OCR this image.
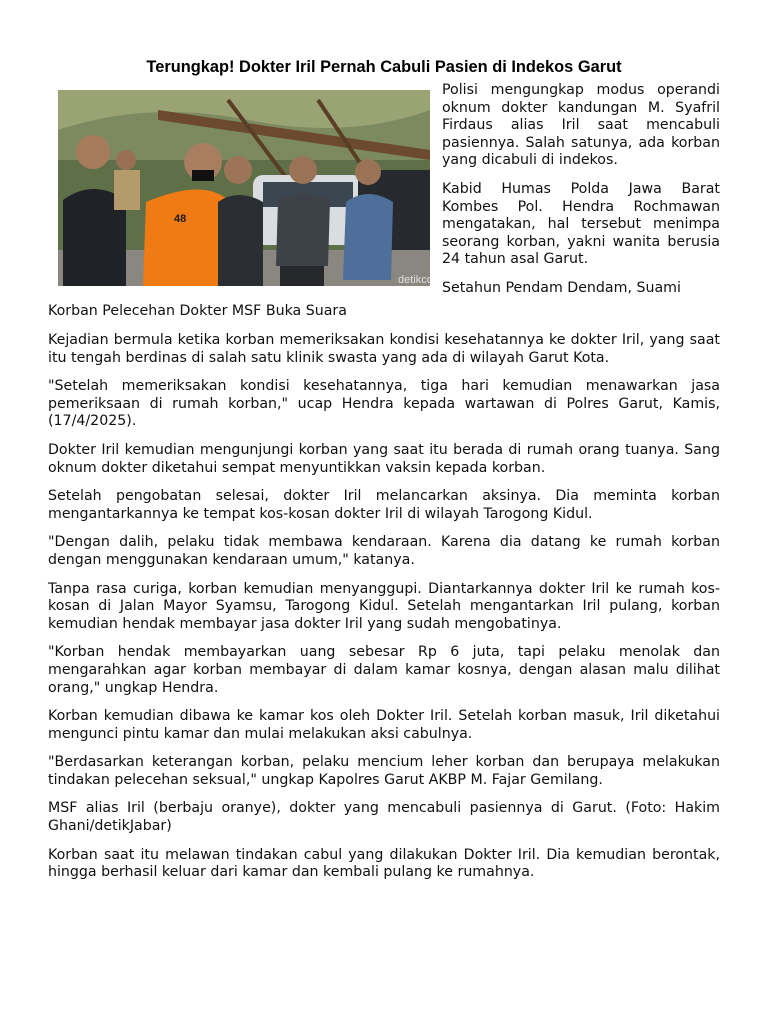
Terungkap! Dokter Iril Pernah Cabuli Pasien di Indekos Garut
48
detikcom

Polisi mengungkap modus operandi oknum dokter kandungan M. Syafril Firdaus alias Iril saat mencabuli pasiennya. Salah satunya, ada korban yang dicabuli di indekos.

Kabid Humas Polda Jawa Barat Kombes Pol. Hendra Rochmawan mengatakan, hal tersebut menimpa seorang korban, yakni wanita berusia 24 tahun asal Garut.

Setahun Pendam Dendam, Suami

Korban Pelecehan Dokter MSF Buka Suara

Kejadian bermula ketika korban memeriksakan kondisi kesehatannya ke dokter Iril, yang saat itu tengah berdinas di salah satu klinik swasta yang ada di wilayah Garut Kota.

"Setelah memeriksakan kondisi kesehatannya, tiga hari kemudian menawarkan jasa pemeriksaan di rumah korban," ucap Hendra kepada wartawan di Polres Garut, Kamis, (17/4/2025).

Dokter Iril kemudian mengunjungi korban yang saat itu berada di rumah orang tuanya. Sang oknum dokter diketahui sempat menyuntikkan vaksin kepada korban.

Setelah pengobatan selesai, dokter Iril melancarkan aksinya. Dia meminta korban mengantarkannya ke tempat kos-kosan dokter Iril di wilayah Tarogong Kidul.

"Dengan dalih, pelaku tidak membawa kendaraan. Karena dia datang ke rumah korban dengan menggunakan kendaraan umum," katanya.

Tanpa rasa curiga, korban kemudian menyanggupi. Diantarkannya dokter Iril ke rumah kos-kosan di Jalan Mayor Syamsu, Tarogong Kidul. Setelah mengantarkan Iril pulang, korban kemudian hendak membayar jasa dokter Iril yang sudah mengobatinya.

"Korban hendak membayarkan uang sebesar Rp 6 juta, tapi pelaku menolak dan mengarahkan agar korban membayar di dalam kamar kosnya, dengan alasan malu dilihat orang," ungkap Hendra.

Korban kemudian dibawa ke kamar kos oleh Dokter Iril. Setelah korban masuk, Iril diketahui mengunci pintu kamar dan mulai melakukan aksi cabulnya.

"Berdasarkan keterangan korban, pelaku mencium leher korban dan berupaya melakukan tindakan pelecehan seksual," ungkap Kapolres Garut AKBP M. Fajar Gemilang.

MSF alias Iril (berbaju oranye), dokter yang mencabuli pasiennya di Garut. (Foto: Hakim Ghani/detikJabar)

Korban saat itu melawan tindakan cabul yang dilakukan Dokter Iril. Dia kemudian berontak, hingga berhasil keluar dari kamar dan kembali pulang ke rumahnya.
